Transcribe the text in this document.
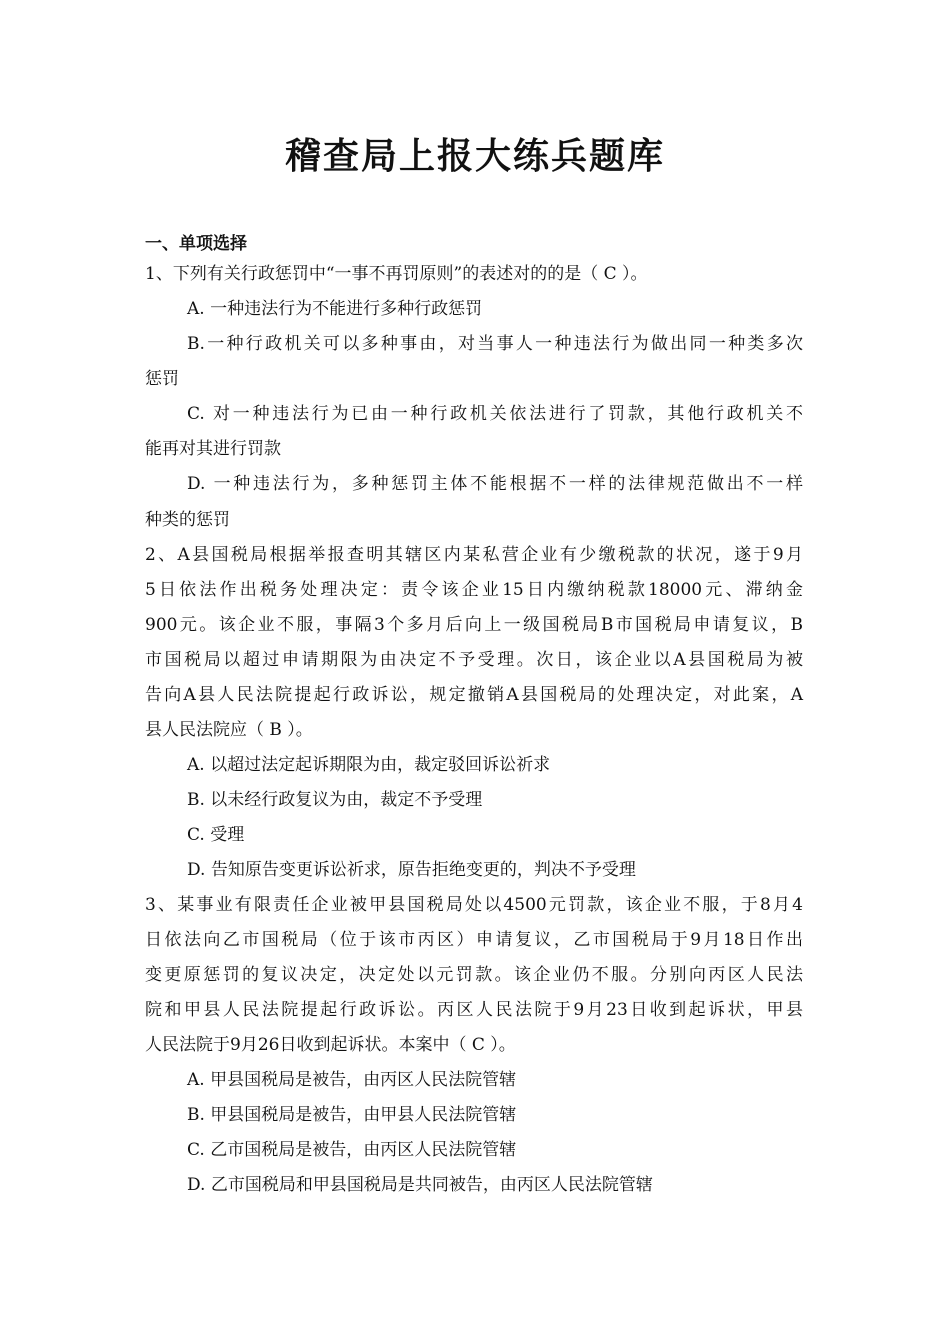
稽查局上报大练兵题库
一、单项选择
1、下列有关行政惩罚中“一事不再罚原则”的表述对的的是（ C ）。
A. 一种违法行为不能进行多种行政惩罚
B.一种行政机关可以多种事由，对当事人一种违法行为做出同一种类多次
惩罚
C. 对一种违法行为已由一种行政机关依法进行了罚款，其他行政机关不
能再对其进行罚款
D. 一种违法行为，多种惩罚主体不能根据不一样的法律规范做出不一样
种类的惩罚
2、A县国税局根据举报查明其辖区内某私营企业有少缴税款的状况，遂于9月
5日依法作出税务处理决定：责令该企业15日内缴纳税款18000元、滞纳金
900元。该企业不服，事隔3个多月后向上一级国税局B市国税局申请复议，B
市国税局以超过申请期限为由决定不予受理。次日，该企业以A县国税局为被
告向A县人民法院提起行政诉讼，规定撤销A县国税局的处理决定，对此案，A
县人民法院应（ B ）。
A. 以超过法定起诉期限为由，裁定驳回诉讼祈求
B. 以未经行政复议为由，裁定不予受理
C. 受理
D. 告知原告变更诉讼祈求，原告拒绝变更的，判决不予受理
3、某事业有限责任企业被甲县国税局处以4500元罚款，该企业不服，于8月4
日依法向乙市国税局（位于该市丙区）申请复议，乙市国税局于9月18日作出
变更原惩罚的复议决定，决定处以元罚款。该企业仍不服。分别向丙区人民法
院和甲县人民法院提起行政诉讼。丙区人民法院于9月23日收到起诉状，甲县
人民法院于9月26日收到起诉状。本案中（ C ）。
A. 甲县国税局是被告，由丙区人民法院管辖
B. 甲县国税局是被告，由甲县人民法院管辖
C. 乙市国税局是被告，由丙区人民法院管辖
D. 乙市国税局和甲县国税局是共同被告，由丙区人民法院管辖
